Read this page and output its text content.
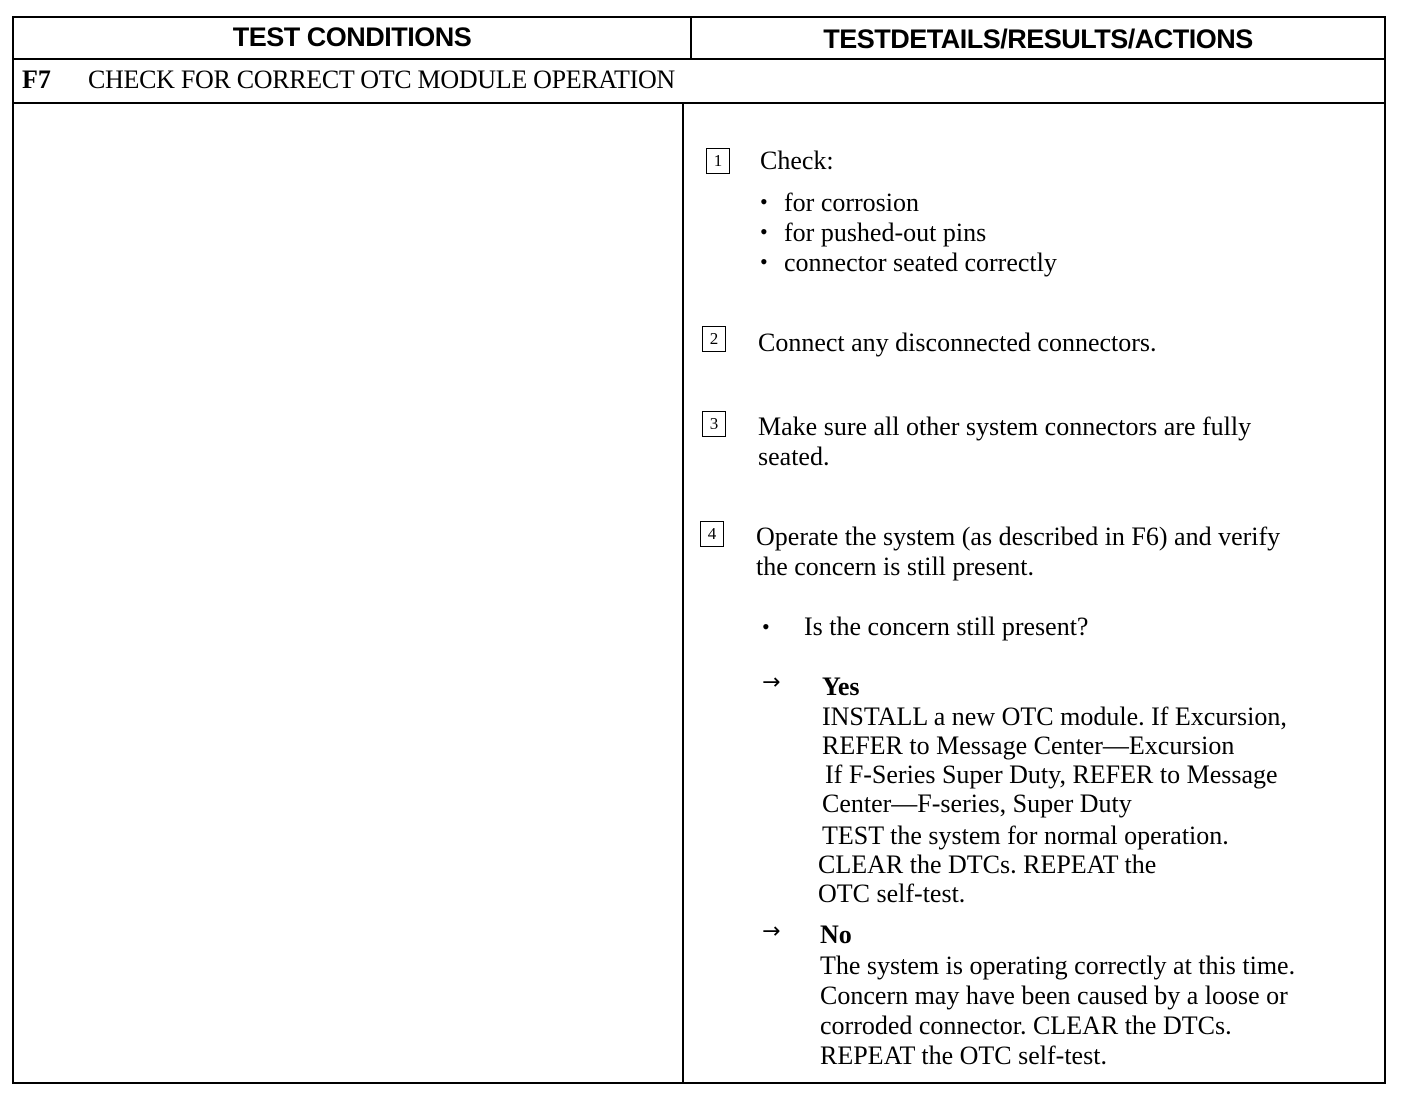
TEST CONDITIONS	TESTDETAILS/RESULTS/ACTIONS
F7 CHECK FOR CORRECT OTC MODULE OPERATION
1 Check:
• for corrosion
• for pushed-out pins
• connector seated correctly
2 Connect any disconnected connectors.
3 Make sure all other system connectors are fully
seated.
4 Operate the system (as described in F6) and verify
the concern is still present.
• Is the concern still present?
→ Yes
INSTALL a new OTC module. If Excursion,
REFER to Message Center—Excursion
If F-Series Super Duty, REFER to Message
Center—F-series, Super Duty
TEST the system for normal operation.
CLEAR the DTCs. REPEAT the
OTC self-test.
→ No
The system is operating correctly at this time.
Concern may have been caused by a loose or
corroded connector. CLEAR the DTCs.
REPEAT the OTC self-test.
